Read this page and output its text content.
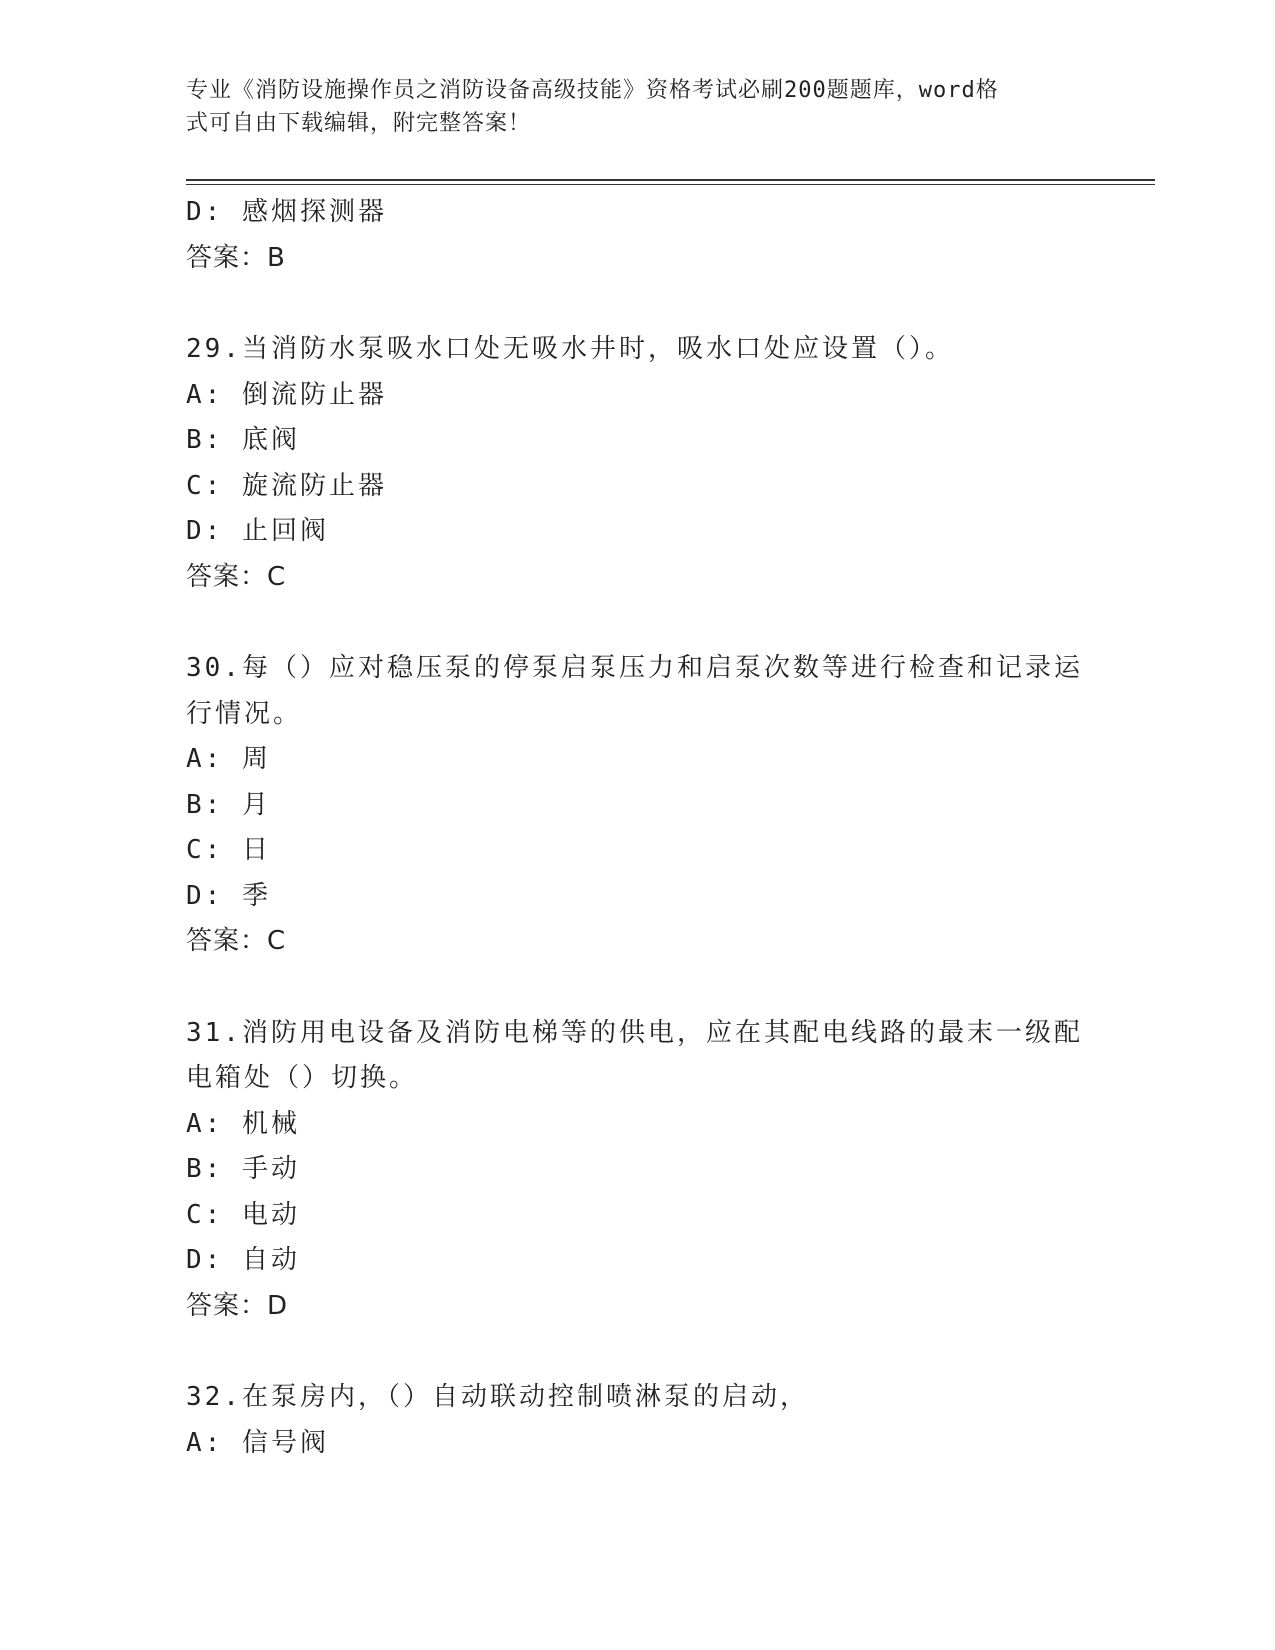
专业《消防设施操作员之消防设备高级技能》资格考试必刷200题题库，word格
式可自由下载编辑，附完整答案！

D: 感烟探测器

答案：B

29.当消防水泵吸水口处无吸水井时，吸水口处应设置（）。

A: 倒流防止器

B: 底阀

C: 旋流防止器

D: 止回阀

答案：C

30.每（）应对稳压泵的停泵启泵压力和启泵次数等进行检查和记录运

行情况。

A: 周

B: 月

C: 日

D: 季

答案：C

31.消防用电设备及消防电梯等的供电，应在其配电线路的最末一级配

电箱处（）切换。

A: 机械

B: 手动

C: 电动

D: 自动

答案：D

32.在泵房内，（）自动联动控制喷淋泵的启动，

A: 信号阀
